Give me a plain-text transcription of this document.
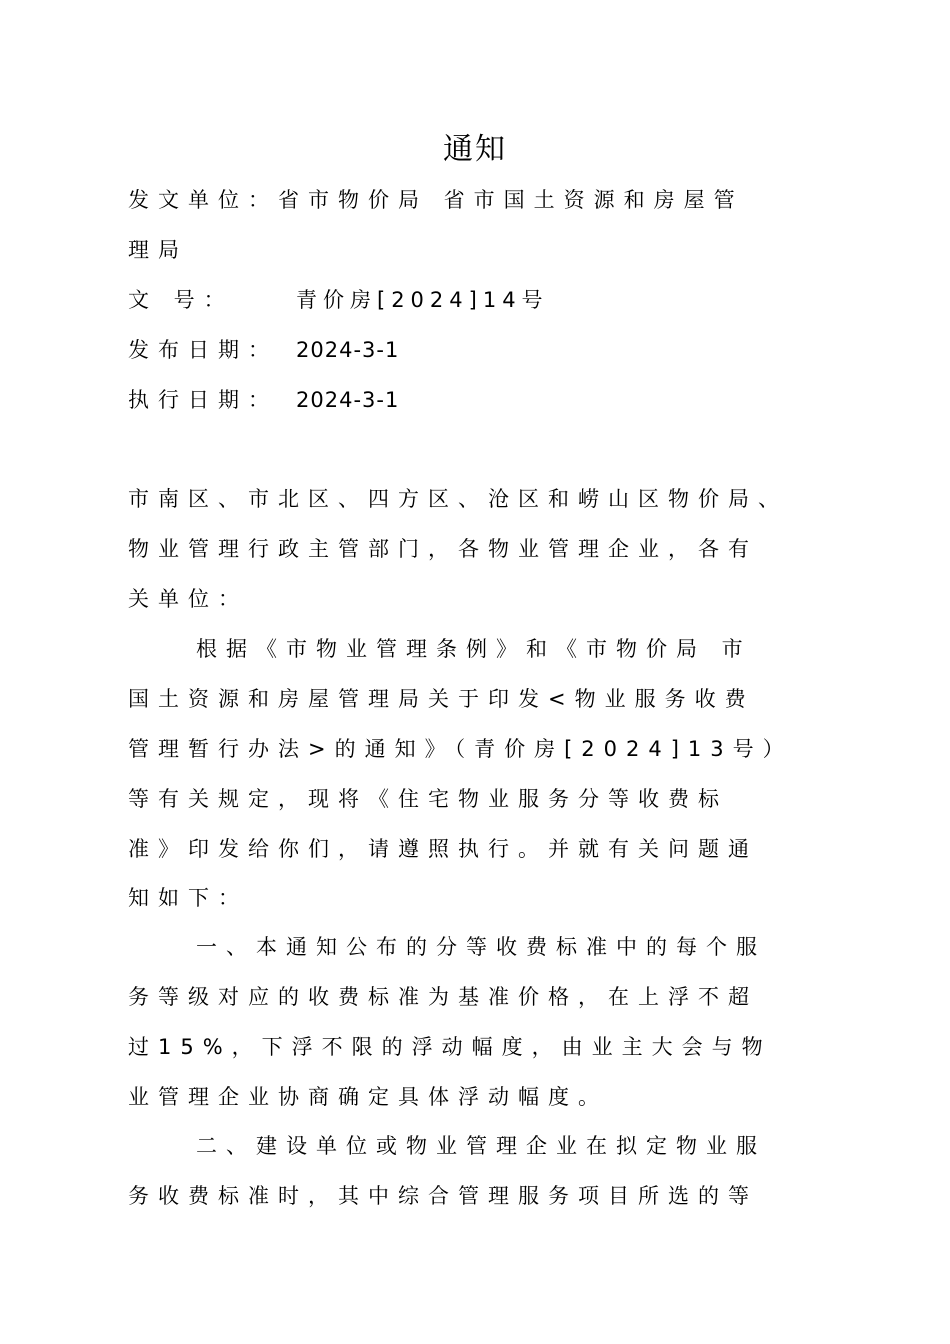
通知
发文单位：省市物价局 省市国土资源和房屋管
理局
文 号：	青价房[2024]14号
发布日期： 2024-3-1
执行日期： 2024-3-1
市南区、市北区、四方区、沧区和崂山区物价局、
物业管理行政主管部门，各物业管理企业，各有
关单位：
根据《市物业管理条例》和《市物价局 市
国土资源和房屋管理局关于印发<物业服务收费
管理暂行办法>的通知》（青价房[2024]13号）
等有关规定，现将《住宅物业服务分等收费标
准》印发给你们，请遵照执行。并就有关问题通
知如下：
一、本通知公布的分等收费标准中的每个服
务等级对应的收费标准为基准价格，在上浮不超
过15%，下浮不限的浮动幅度，由业主大会与物
业管理企业协商确定具体浮动幅度。
二、建设单位或物业管理企业在拟定物业服
务收费标准时，其中综合管理服务项目所选的等
